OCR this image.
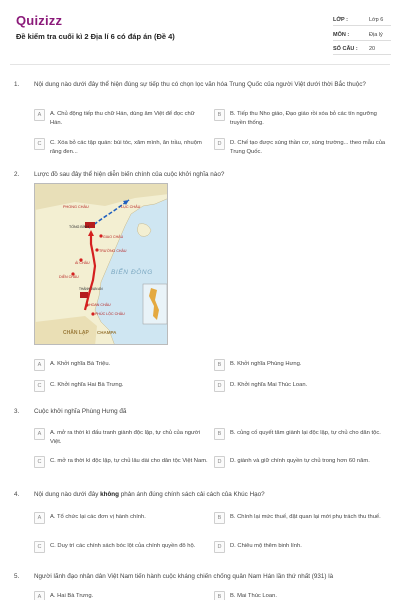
Quizizz
Đề kiểm tra cuối kì 2 Địa lí 6 có đáp án (Đề 4)
LỚP :	Lớp 6
MÔN :	Địa lý
SỐ CÂU : 20
1. Nội dung nào dưới đây thể hiện đúng sự tiếp thu có chọn lọc văn hóa Trung Quốc của người Việt dưới thời Bắc thuộc?
A	A. Chủ động tiếp thu chữ Hán, dùng âm Việt để đọc chữ Hán.
B	B. Tiếp thu Nho giáo, Đạo giáo rồi xóa bỏ các tín ngưỡng truyền thống.
C	C. Xóa bỏ các tập quán: búi tóc, xăm mình, ăn trầu, nhuộm răng đen...
D	D. Chế tạo được súng thần cơ, súng trường... theo mẫu của Trung Quốc.
2. Lược đồ sau đây thể hiện diễn biến chính của cuộc khởi nghĩa nào?
PHONG CHÂU	LỤC CHÂU
TỐNG BÌNH
GIAO CHÂU
TRƯỜNG CHÂU
ÁI CHÂU
DIỄN CHÂU
THÀNH VẠN AN
HOAN CHÂU
PHÚC LỘC CHÂU
BIỂN ĐÔNG
CHÂN LẠP CHAMPA
A	A. Khởi nghĩa Bà Triệu.	B	B. Khởi nghĩa Phùng Hưng.
C	C. Khởi nghĩa Hai Bà Trưng.	D	D. Khởi nghĩa Mai Thúc Loan.
3. Cuộc khởi nghĩa Phùng Hưng đã
A	A. mở ra thời kì đấu tranh giành độc lập, tự chủ của người Việt.
B	B. củng cố quyết tâm giành lại độc lập, tự chủ cho dân tộc.
C	C. mở ra thời kì độc lập, tự chủ lâu dài cho dân tộc Việt Nam.	D	D. giành và giữ chính quyền tự chủ trong hơn 60 năm.
4. Nội dung nào dưới đây không phản ánh đúng chính sách cải cách của Khúc Hạo?
A	A. Tổ chức lại các đơn vị hành chính.	B	B. Chính lại mức thuế, đặt quan lại mới phụ trách thu thuế.
C	C. Duy trì các chính sách bóc lột của chính quyền đô hộ.	D	D. Chiêu mộ thêm binh lính.
5. Người lãnh đạo nhân dân Việt Nam tiến hành cuộc kháng chiến chống quân Nam Hán lần thứ nhất (931) là
A	A. Hai Bà Trưng.	B	B. Mai Thúc Loan.
